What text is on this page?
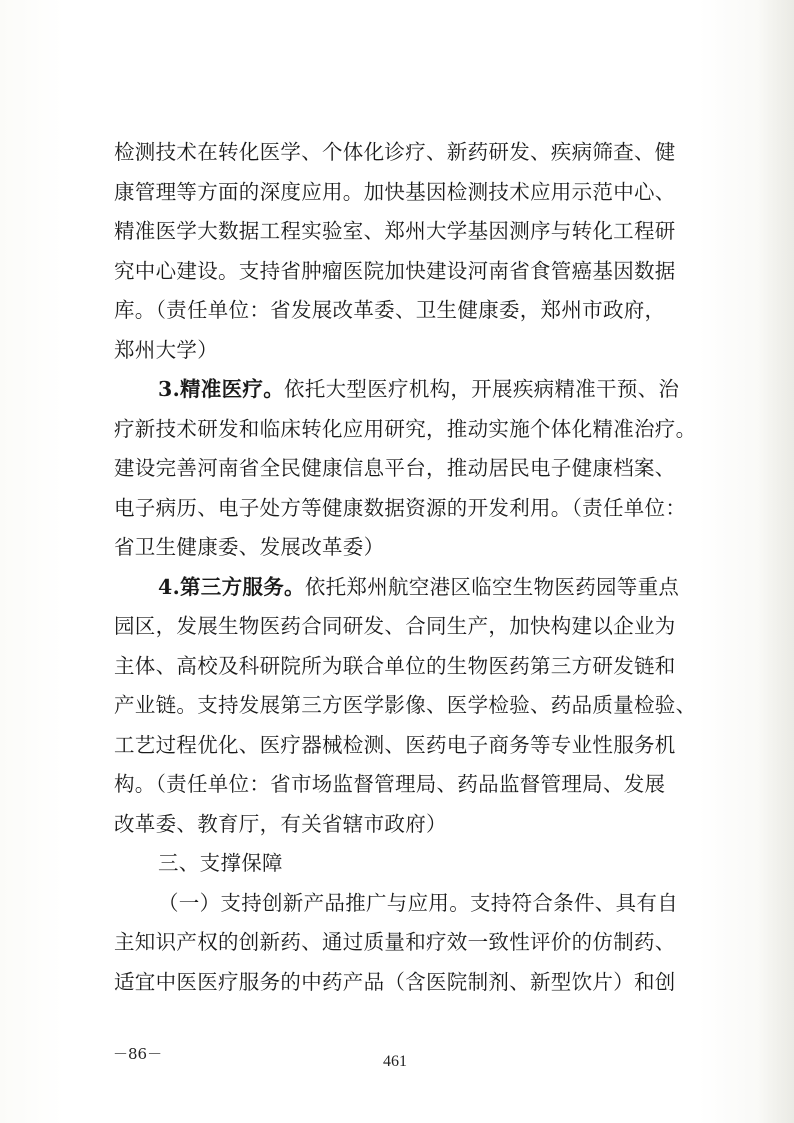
检测技术在转化医学、个体化诊疗、新药研发、疾病筛查、健
康管理等方面的深度应用。加快基因检测技术应用示范中心、
精准医学大数据工程实验室、郑州大学基因测序与转化工程研
究中心建设。支持省肿瘤医院加快建设河南省食管癌基因数据
库。（责任单位：省发展改革委、卫生健康委，郑州市政府，
郑州大学）
3.精准医疗。依托大型医疗机构，开展疾病精准干预、治
疗新技术研发和临床转化应用研究，推动实施个体化精准治疗。
建设完善河南省全民健康信息平台，推动居民电子健康档案、
电子病历、电子处方等健康数据资源的开发利用。（责任单位：
省卫生健康委、发展改革委）
4.第三方服务。依托郑州航空港区临空生物医药园等重点
园区，发展生物医药合同研发、合同生产，加快构建以企业为
主体、高校及科研院所为联合单位的生物医药第三方研发链和
产业链。支持发展第三方医学影像、医学检验、药品质量检验、
工艺过程优化、医疗器械检测、医药电子商务等专业性服务机
构。（责任单位：省市场监督管理局、药品监督管理局、发展
改革委、教育厅，有关省辖市政府）
三、支撑保障
（一）支持创新产品推广与应用。支持符合条件、具有自
主知识产权的创新药、通过质量和疗效一致性评价的仿制药、
适宜中医医疗服务的中药产品（含医院制剂、新型饮片）和创
－86－	461
